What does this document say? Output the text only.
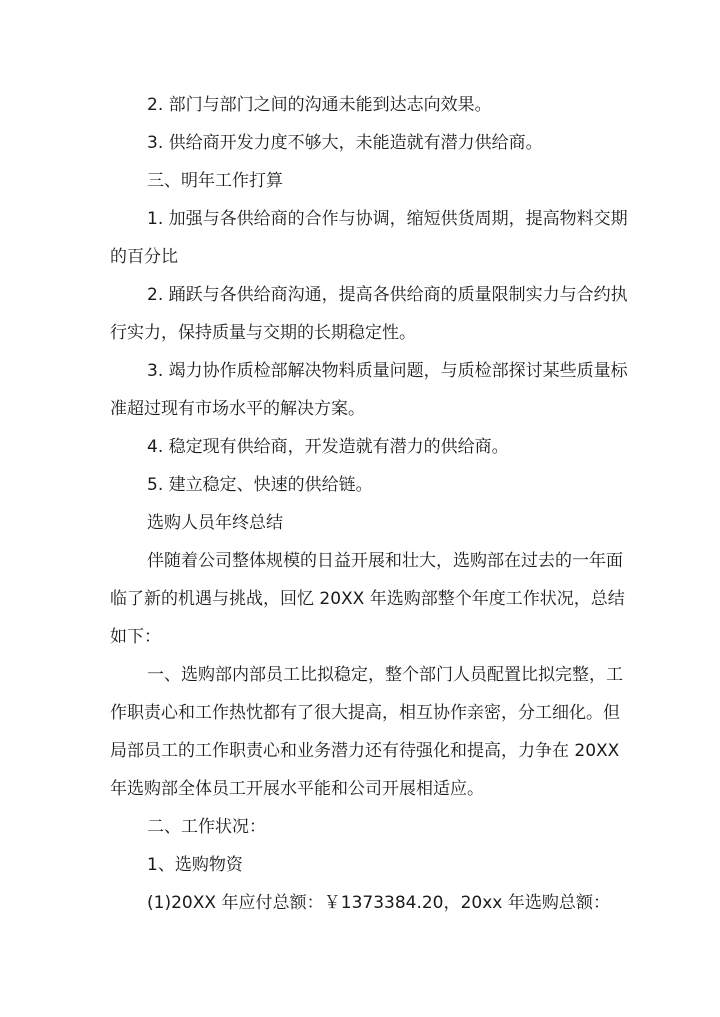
2. 部门与部门之间的沟通未能到达志向效果。
3. 供给商开发力度不够大，未能造就有潜力供给商。
三、明年工作打算
1. 加强与各供给商的合作与协调，缩短供货周期，提高物料交期
的百分比
2. 踊跃与各供给商沟通，提高各供给商的质量限制实力与合约执
行实力，保持质量与交期的长期稳定性。
3. 竭力协作质检部解决物料质量问题，与质检部探讨某些质量标
准超过现有市场水平的解决方案。
4. 稳定现有供给商，开发造就有潜力的供给商。
5. 建立稳定、快速的供给链。
选购人员年终总结
伴随着公司整体规模的日益开展和壮大，选购部在过去的一年面
临了新的机遇与挑战，回忆 20XX 年选购部整个年度工作状况，总结
如下：
一、选购部内部员工比拟稳定，整个部门人员配置比拟完整，工
作职责心和工作热忱都有了很大提高，相互协作亲密，分工细化。但
局部员工的工作职责心和业务潜力还有待强化和提高，力争在 20XX
年选购部全体员工开展水平能和公司开展相适应。
二、工作状况：
1、选购物资
(1)20XX 年应付总额：￥1373384.20，20xx 年选购总额：
